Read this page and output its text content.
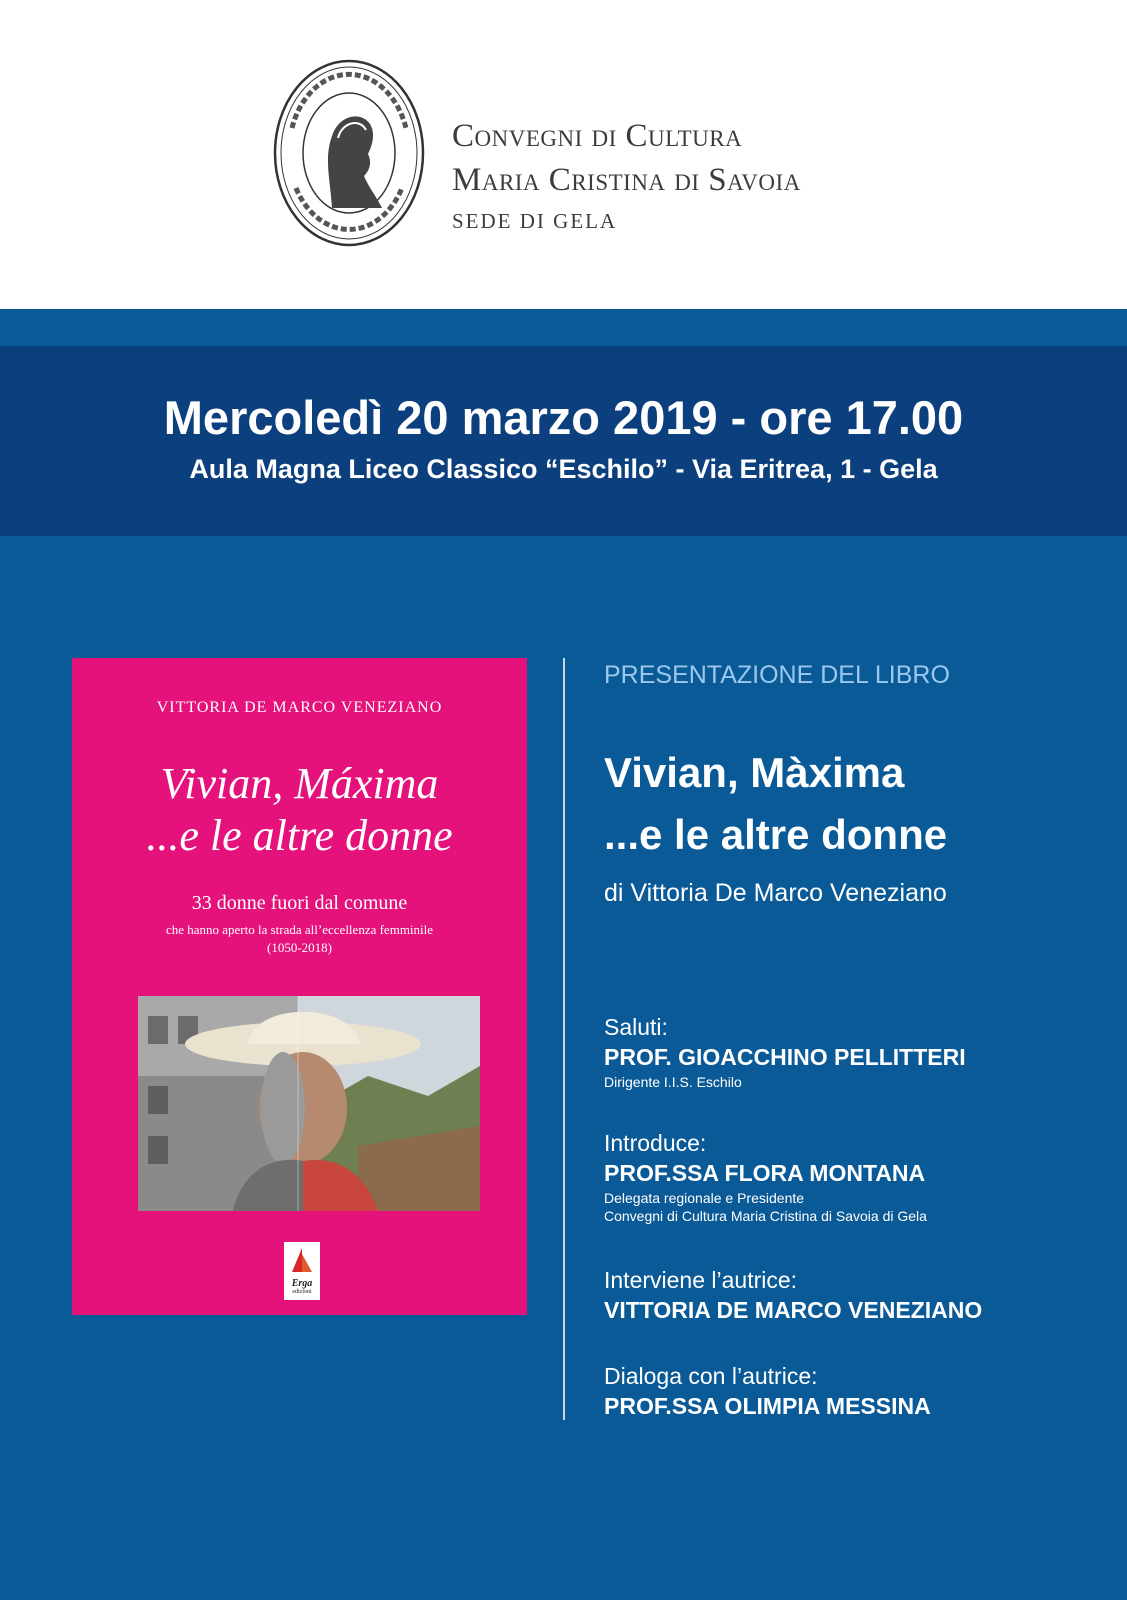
Convegni di Cultura
Maria Cristina di Savoia
SEDE DI GELA
Mercoledì 20 marzo 2019 - ore 17.00
Aula Magna Liceo Classico “Eschilo” - Via Eritrea, 1 - Gela
VITTORIA DE MARCO VENEZIANO
Vivian, Máxima
...e le altre donne
33 donne fuori dal comune
che hanno aperto la strada all’eccellenza femminile
(1050-2018)
Erga
edizioni
PRESENTAZIONE DEL LIBRO
Vivian, Màxima
...e le altre donne
di Vittoria De Marco Veneziano
Saluti:
PROF. GIOACCHINO PELLITTERI
Dirigente I.I.S. Eschilo
Introduce:
PROF.SSA FLORA MONTANA
Delegata regionale e Presidente
Convegni di Cultura Maria Cristina di Savoia di Gela
Interviene l’autrice:
VITTORIA DE MARCO VENEZIANO
Dialoga con l’autrice:
PROF.SSA OLIMPIA MESSINA
